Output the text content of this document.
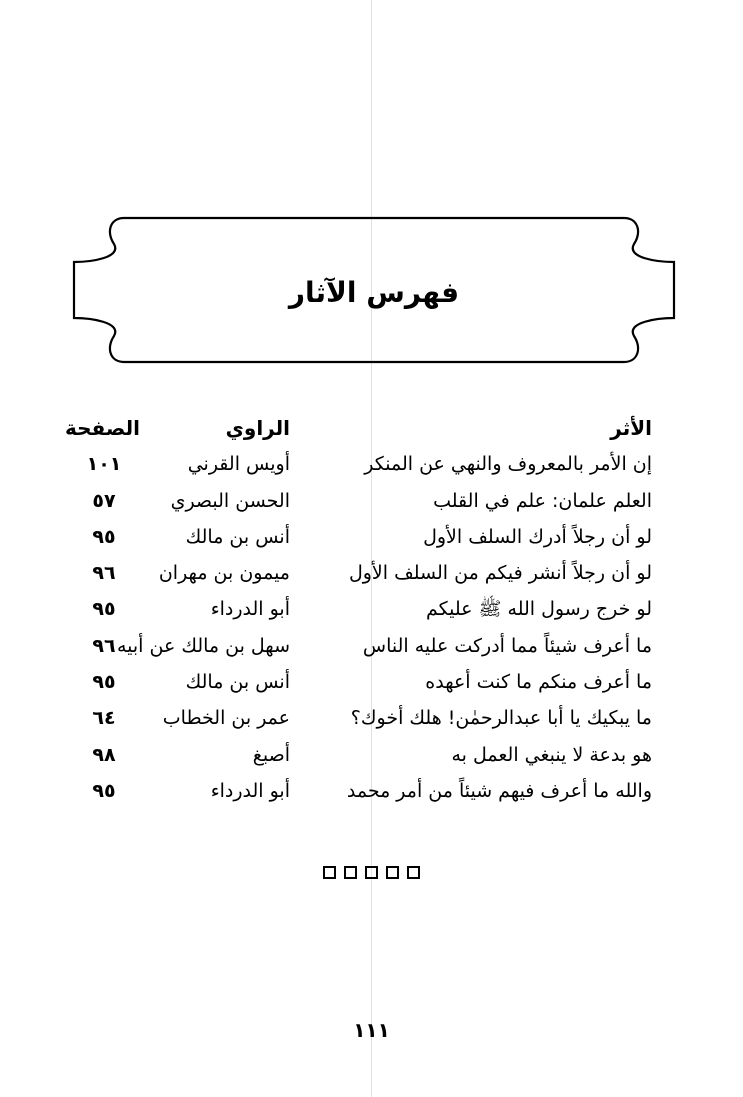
فهرس الآثار
الأثر
الراوي
الصفحة
إن الأمر بالمعروف والنهي عن المنكر
أويس القرني
١٠١
العلم علمان: علم في القلب
الحسن البصري
٥٧
لو أن رجلاً أدرك السلف الأول
أنس بن مالك
٩٥
لو أن رجلاً أنشر فيكم من السلف الأول
ميمون بن مهران
٩٦
لو خرج رسول الله ﷺ عليكم
أبو الدرداء
٩٥
ما أعرف شيئاً مما أدركت عليه الناس
سهل بن مالك عن أبيه
٩٦
ما أعرف منكم ما كنت أعهده
أنس بن مالك
٩٥
ما يبكيك يا أبا عبدالرحمٰن! هلك أخوك؟
عمر بن الخطاب
٦٤
هو بدعة لا ينبغي العمل به
أصبغ
٩٨
والله ما أعرف فيهم شيئاً من أمر محمد
أبو الدرداء
٩٥

١١١
